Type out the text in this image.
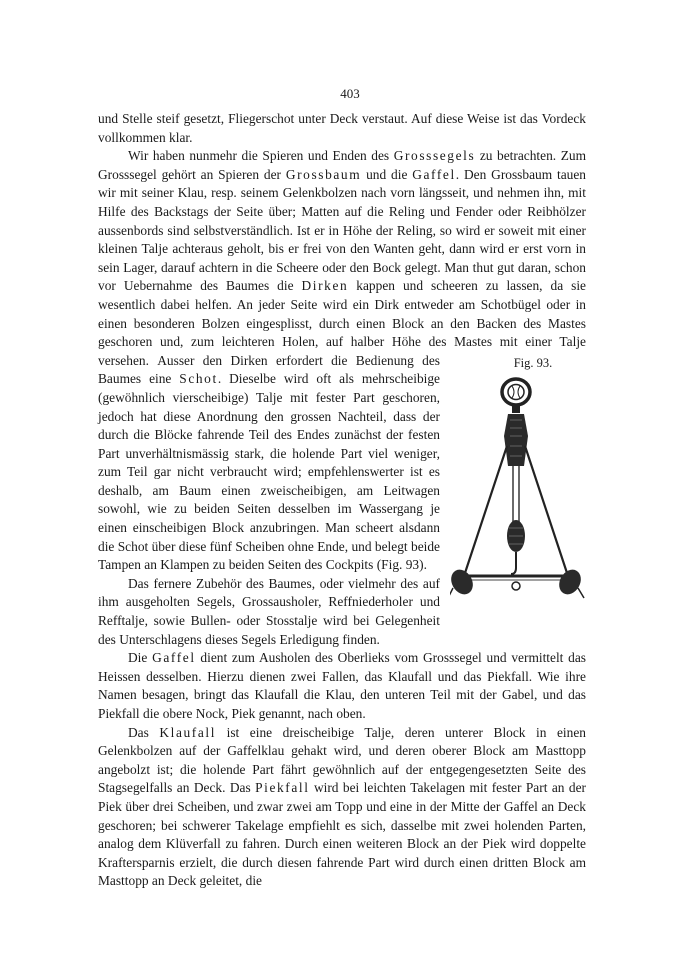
403

und Stelle steif gesetzt, Fliegerschot unter Deck verstaut. Auf diese Weise ist das Vordeck vollkommen klar.

Wir haben nunmehr die Spieren und Enden des Grosssegels zu betrachten. Zum Grosssegel gehört an Spieren der Grossbaum und die Gaffel. Den Grossbaum tauen wir mit seiner Klau, resp. seinem Gelenkbolzen nach vorn längsseit, und nehmen ihn, mit Hilfe des Backstags der Seite über; Matten auf die Reling und Fender oder Reibhölzer aussenbords sind selbstverständlich. Ist er in Höhe der Reling, so wird er soweit mit einer kleinen Talje achteraus geholt, bis er frei von den Wanten geht, dann wird er erst vorn in sein Lager, darauf achtern in die Scheere oder den Bock gelegt. Man thut gut daran, schon vor Uebernahme des Baumes die Dirken kappen und scheeren zu lassen, da sie wesentlich dabei helfen. An jeder Seite wird ein Dirk entweder am Schotbügel oder in einen besonderen Bolzen eingesplisst, durch einen Block an den Backen des Mastes geschoren und, zum leichteren Holen, auf halber Höhe des Mastes mit einer Talje versehen.	Fig. 93.
Ausser den Dirken erfordert die Bedienung des Baumes eine Schot. Dieselbe wird oft als mehrscheibige (gewöhnlich vierscheibige) Talje mit fester Part geschoren, jedoch hat diese Anordnung den grossen Nachteil, dass der durch die Blöcke fahrende Teil des Endes zunächst der festen Part unverhältnismässig stark, die holende Part viel weniger, zum Teil gar nicht verbraucht wird; empfehlenswerter ist es deshalb, am Baum einen zweischeibigen, am Leitwagen sowohl, wie zu beiden Seiten desselben im Wassergang je einen einscheibigen Block anzubringen. Man scheert alsdann die Schot über diese fünf Scheiben ohne Ende, und belegt beide Tampen an Klampen zu beiden Seiten des Cockpits (Fig. 93).

Das fernere Zubehör des Baumes, oder vielmehr des auf ihm ausgeholten Segels, Grossausholer, Reffniederholer und Refftalje, sowie Bullen- oder Stosstalje wird bei Gelegenheit des Unterschlagens dieses Segels Erledigung finden.

Die Gaffel dient zum Ausholen des Oberlieks vom Grosssegel und vermittelt das Heissen desselben. Hierzu dienen zwei Fallen, das Klaufall und das Piekfall. Wie ihre Namen besagen, bringt das Klaufall die Klau, den unteren Teil mit der Gabel, und das Piekfall die obere Nock, Piek genannt, nach oben.

Das Klaufall ist eine dreischeibige Talje, deren unterer Block in einen Gelenkbolzen auf der Gaffelklau gehakt wird, und deren oberer Block am Masttopp angebolzt ist; die holende Part fährt gewöhnlich auf der entgegengesetzten Seite des Stagsegelfalls an Deck. Das Piekfall wird bei leichten Takelagen mit fester Part an der Piek über drei Scheiben, und zwar zwei am Topp und eine in der Mitte der Gaffel an Deck geschoren; bei schwerer Takelage empfiehlt es sich, dasselbe mit zwei holenden Parten, analog dem Klüverfall zu fahren. Durch einen weiteren Block an der Piek wird doppelte Kraftersparnis erzielt, die durch diesen fahrende Part wird durch einen dritten Block am Masttopp an Deck geleitet, die
